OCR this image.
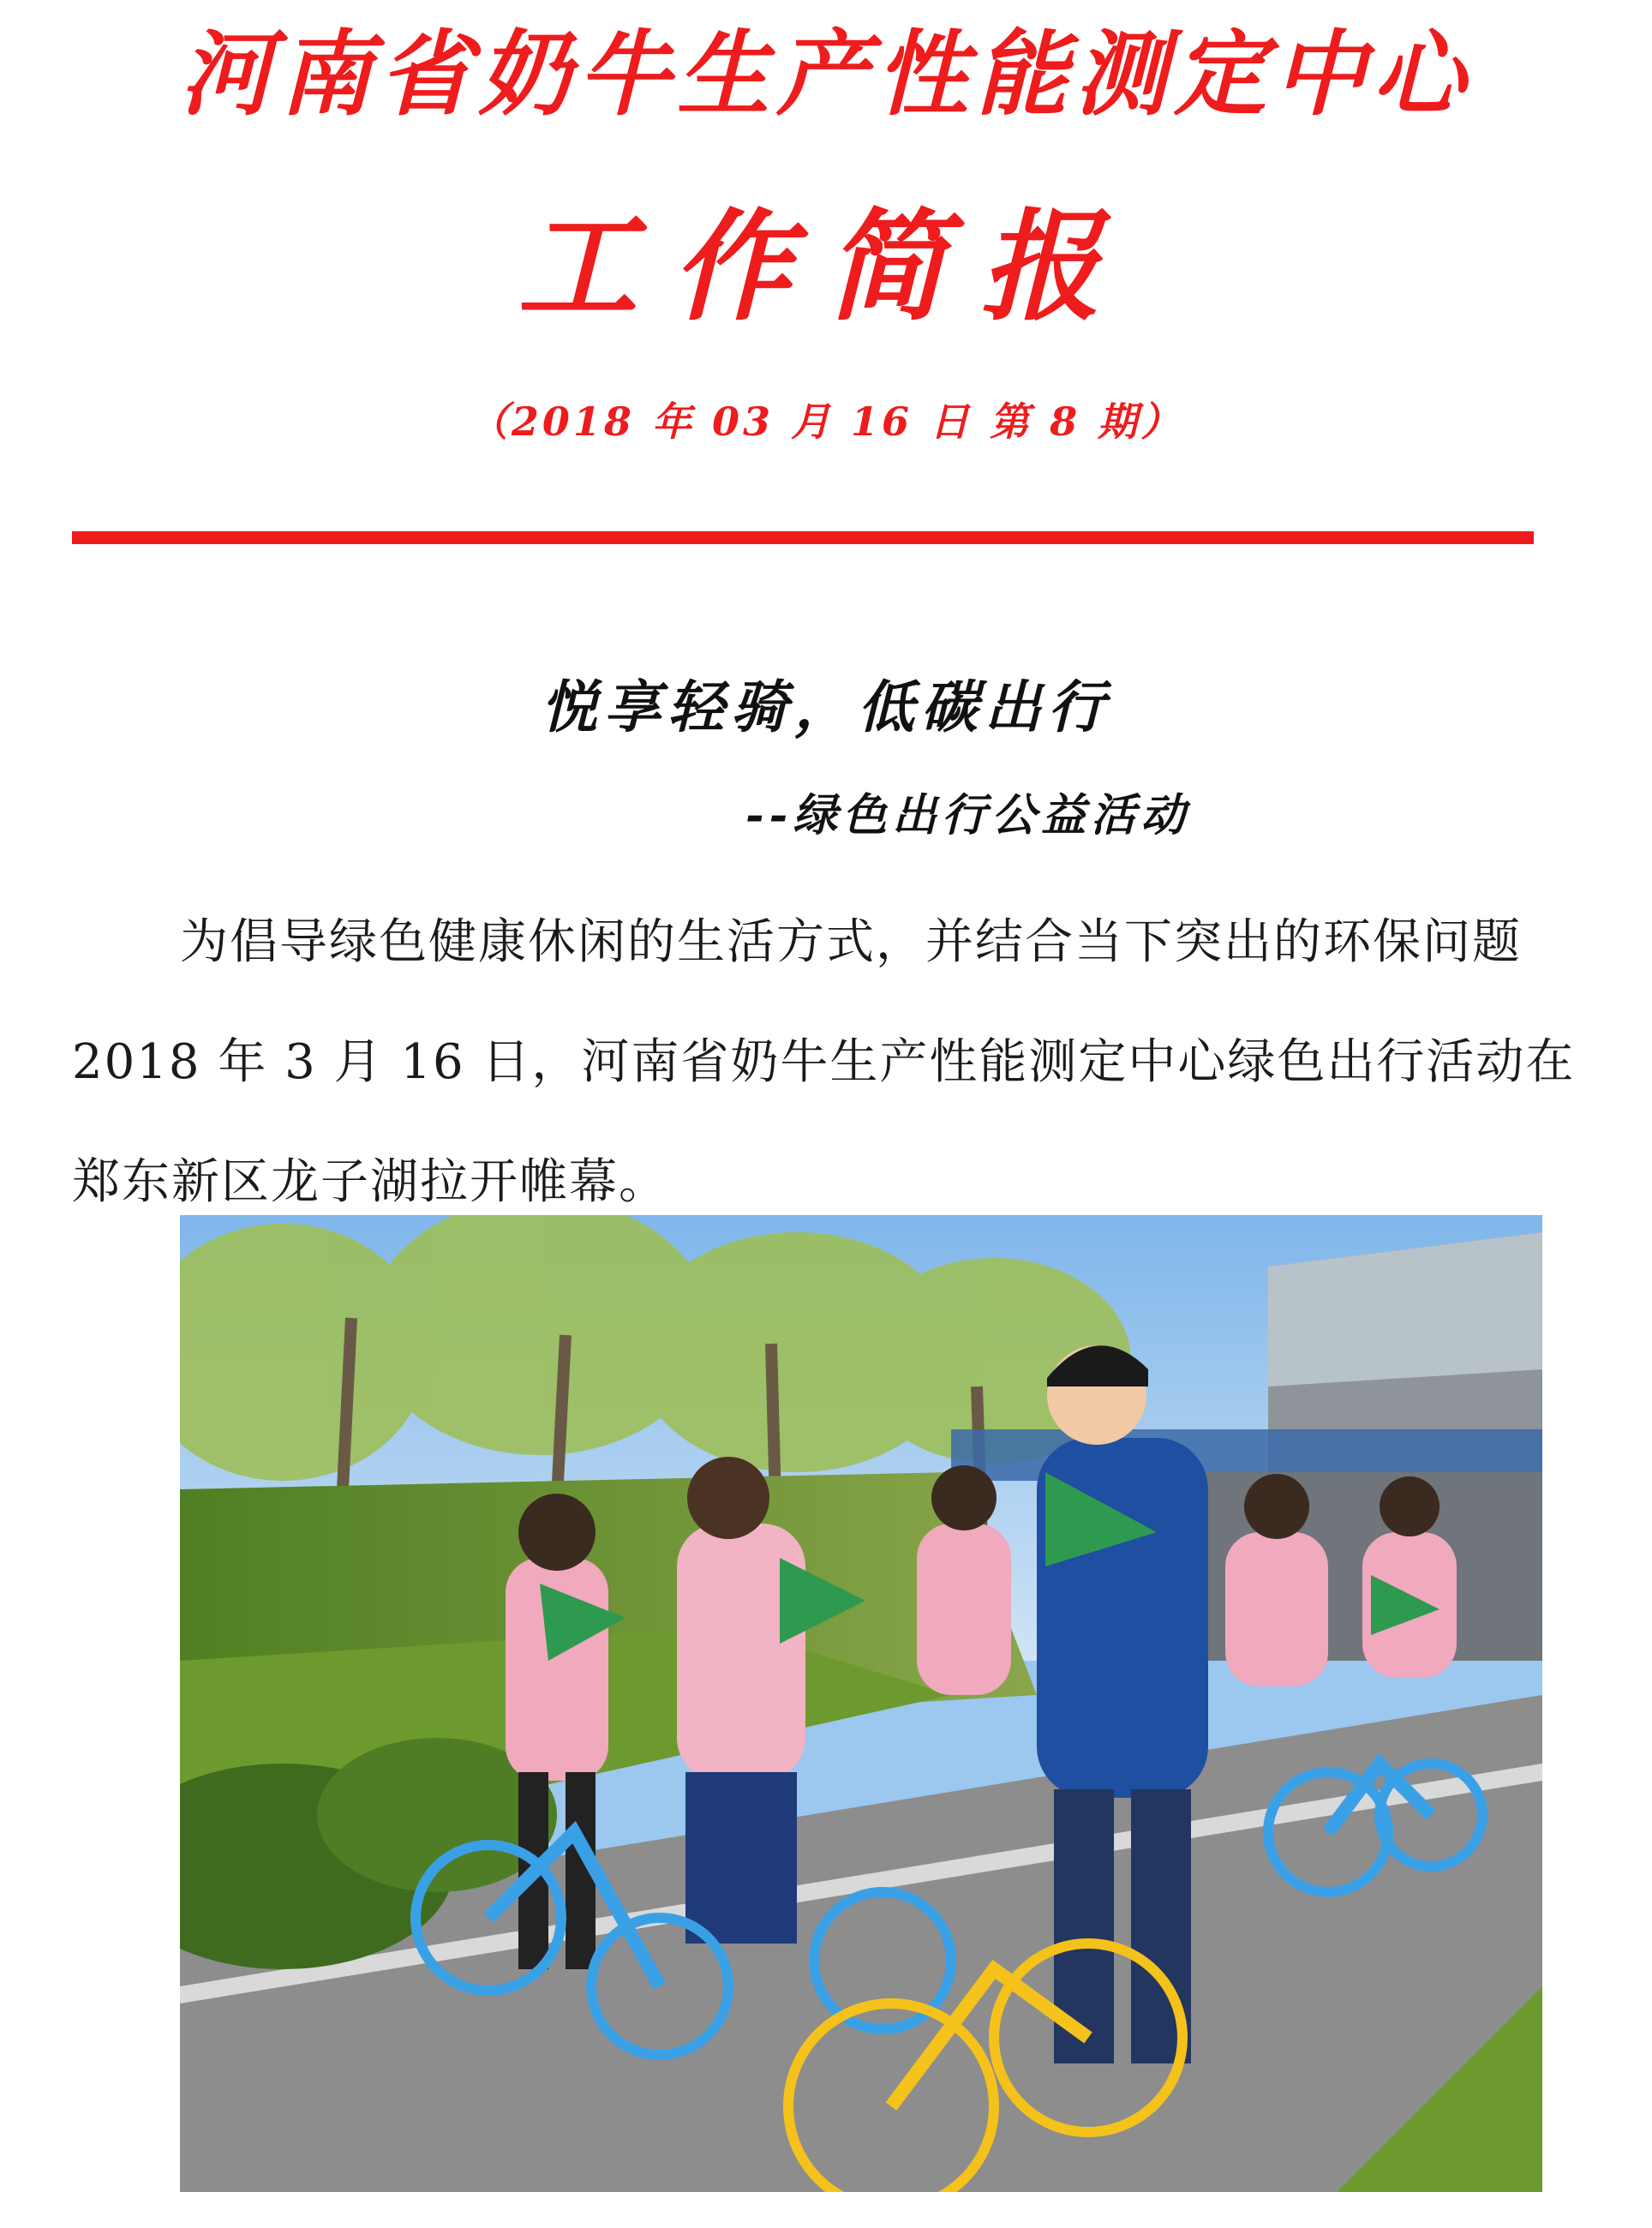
河南省奶牛生产性能测定中心
工作简报
（2018 年 03 月 16 日 第 8 期）
悦享轻骑，低碳出行
--绿色出行公益活动
为倡导绿色健康休闲的生活方式，并结合当下突出的环保问题 2018 年 3 月 16 日，河南省奶牛生产性能测定中心绿色出行活动在郑东新区龙子湖拉开帷幕。
